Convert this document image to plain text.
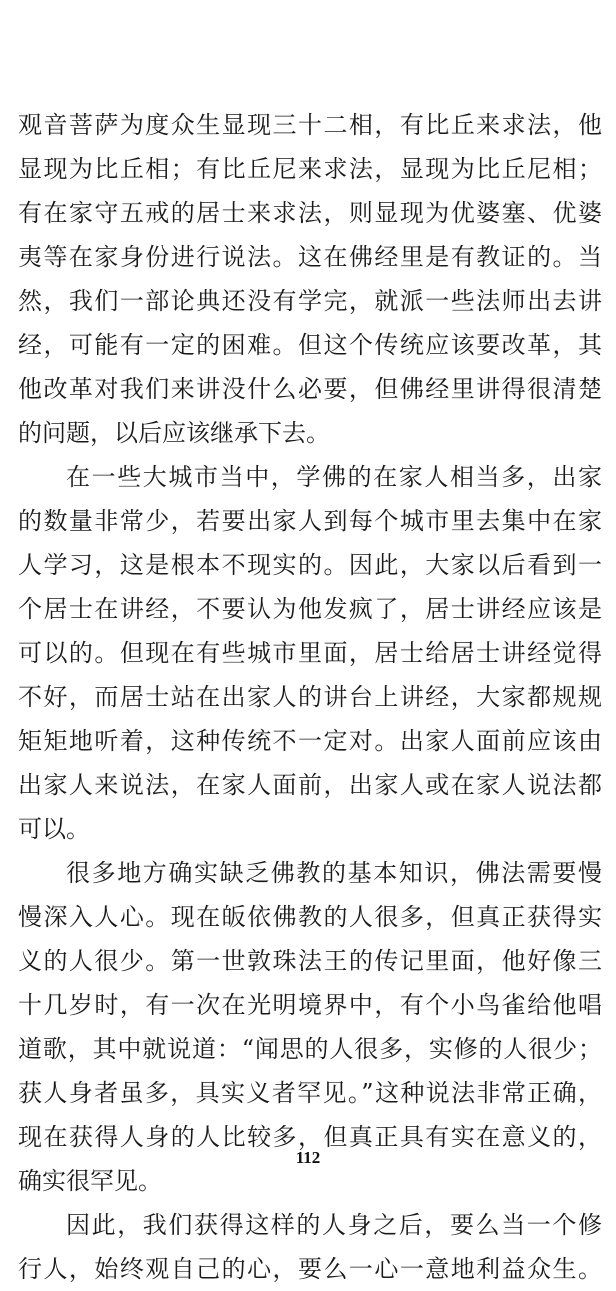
观音菩萨为度众生显现三十二相，有比丘来求法，他
显现为比丘相；有比丘尼来求法，显现为比丘尼相；
有在家守五戒的居士来求法，则显现为优婆塞、优婆
夷等在家身份进行说法。这在佛经里是有教证的。当
然，我们一部论典还没有学完，就派一些法师出去讲
经，可能有一定的困难。但这个传统应该要改革，其
他改革对我们来讲没什么必要，但佛经里讲得很清楚
的问题，以后应该继承下去。
在一些大城市当中，学佛的在家人相当多，出家
的数量非常少，若要出家人到每个城市里去集中在家
人学习，这是根本不现实的。因此，大家以后看到一
个居士在讲经，不要认为他发疯了，居士讲经应该是
可以的。但现在有些城市里面，居士给居士讲经觉得
不好，而居士站在出家人的讲台上讲经，大家都规规
矩矩地听着，这种传统不一定对。出家人面前应该由
出家人来说法，在家人面前，出家人或在家人说法都
可以。
很多地方确实缺乏佛教的基本知识，佛法需要慢
慢深入人心。现在皈依佛教的人很多，但真正获得实
义的人很少。第一世敦珠法王的传记里面，他好像三
十几岁时，有一次在光明境界中，有个小鸟雀给他唱
道歌，其中就说道：“闻思的人很多，实修的人很少；
获人身者虽多，具实义者罕见。”这种说法非常正确，
现在获得人身的人比较多，但真正具有实在意义的，
确实很罕见。
因此，我们获得这样的人身之后，要么当一个修
行人，始终观自己的心，要么一心一意地利益众生。
112
